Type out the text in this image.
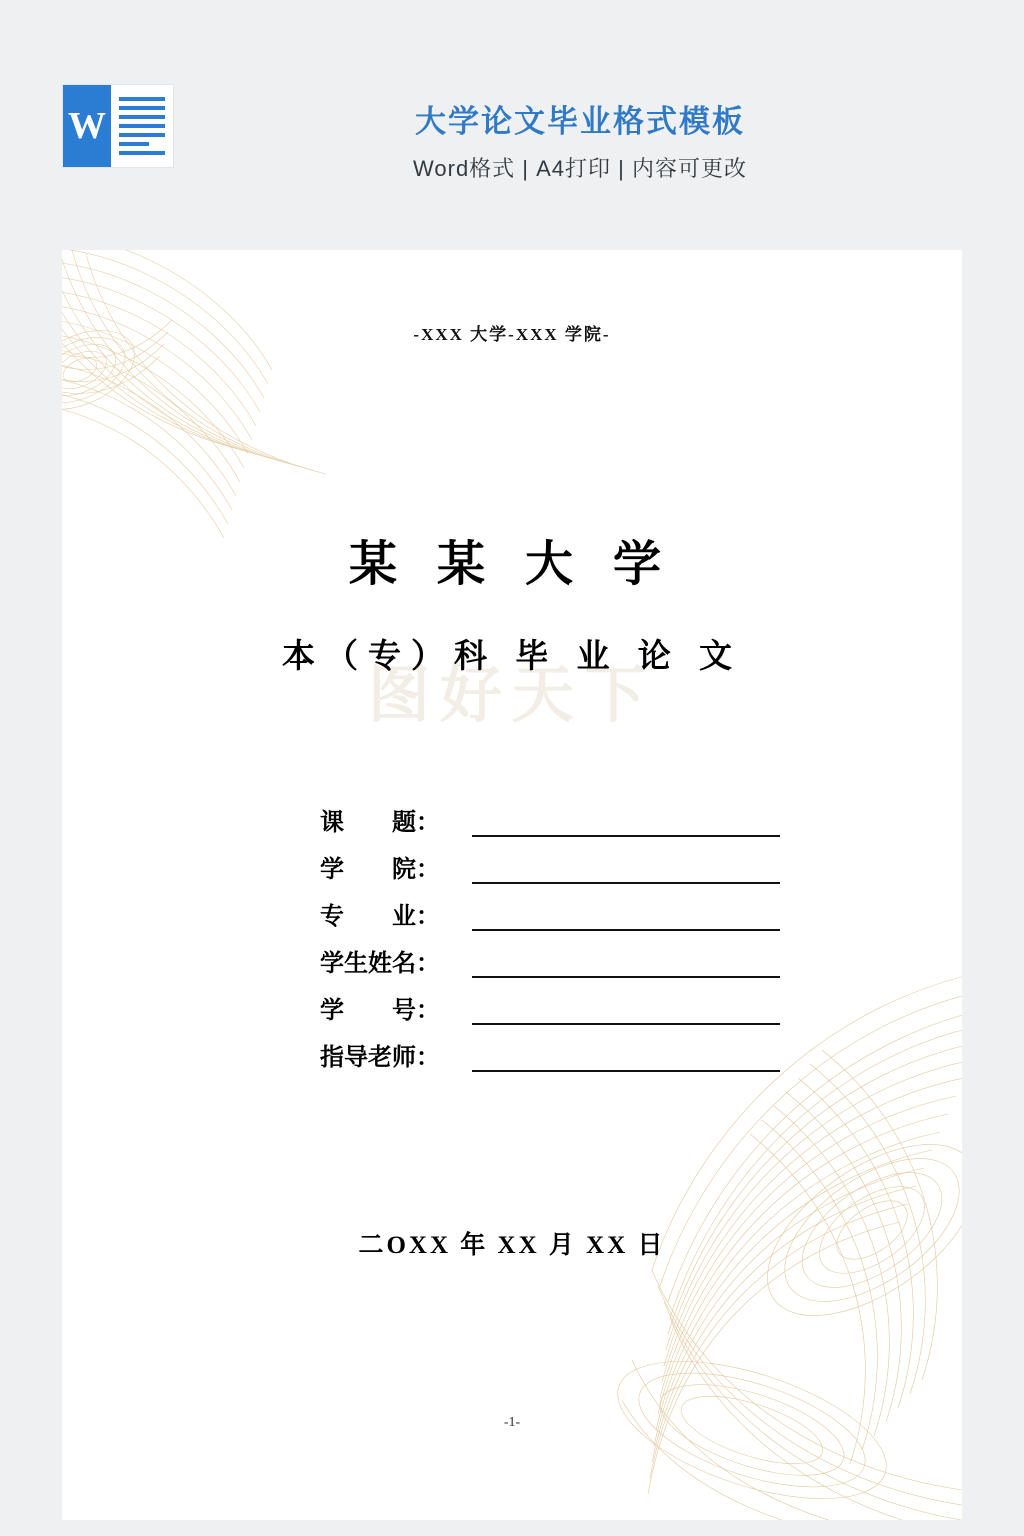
W	大学论文毕业格式模板
Word格式 | A4打印 | 内容可更改
-XXX 大学-XXX 学院-
图好天下
某 某 大 学
本（专）科 毕 业 论 文
课　　题：
学　　院：
专　　业：
学生姓名：
学　　号：
指导老师：
二OXX 年 XX 月 XX 日
-1-
